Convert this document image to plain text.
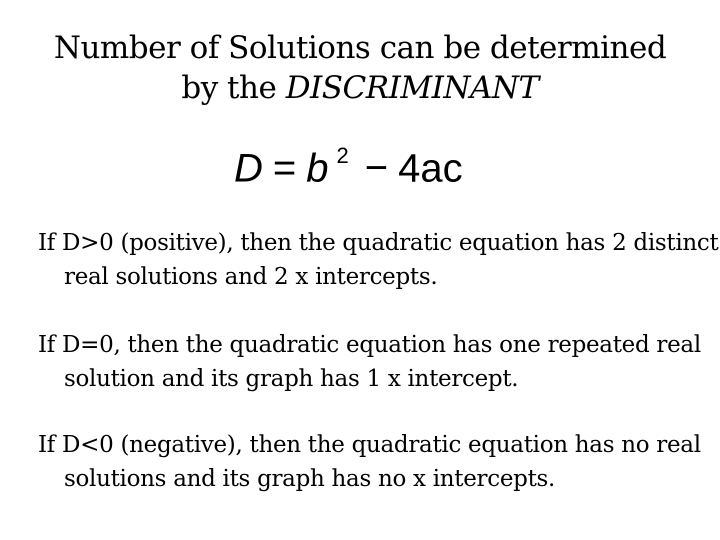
Number of Solutions can be determined
by the DISCRIMINANT
D = b $^2$ − 4ac
If D>0 (positive), then the quadratic equation has 2 distinct real solutions and 2 x intercepts.
If D=0, then the quadratic equation has one repeated real solution and its graph has 1 x intercept.
If D<0 (negative), then the quadratic equation has no real solutions and its graph has no x intercepts.
